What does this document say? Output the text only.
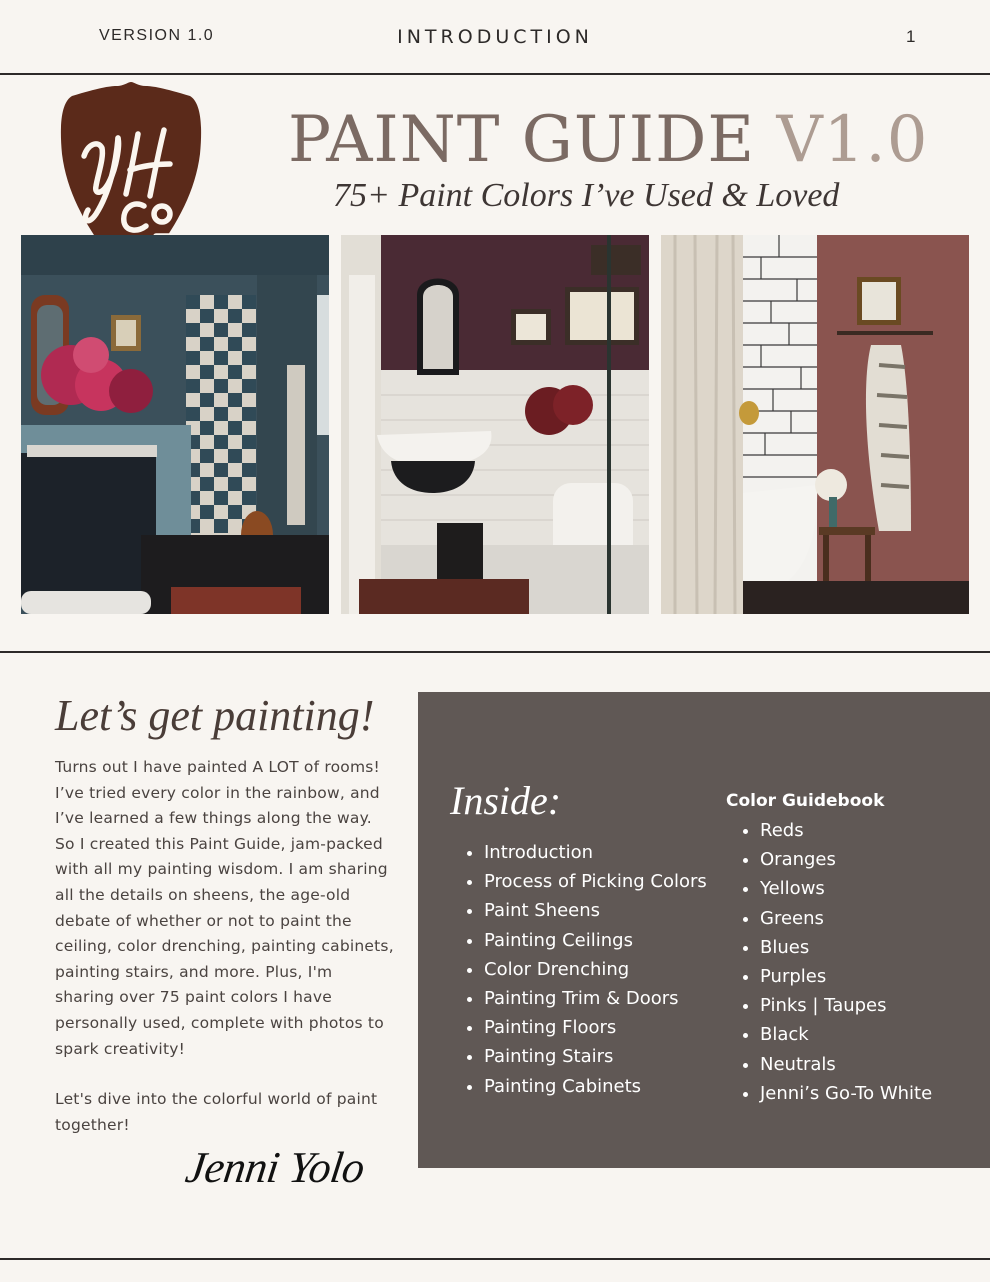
VERSION 1.0	INTRODUCTION	1
PAINT GUIDE V1.0
75+ Paint Colors I’ve Used & Loved
Let’s get painting!

Turns out I have painted A LOT of rooms! I’ve tried every color in the rainbow, and I’ve learned a few things along the way. So I created this Paint Guide, jam-packed with all my painting wisdom. I am sharing all the details on sheens, the age-old debate of whether or not to paint the ceiling, color drenching, painting cabinets, painting stairs, and more. Plus, I'm sharing over 75 paint colors I have personally used, complete with photos to spark creativity!

Let's dive into the colorful world of paint together!

Jenni Yolo
Inside:
• Introduction
• Process of Picking Colors
• Paint Sheens
• Painting Ceilings
• Color Drenching
• Painting Trim & Doors
• Painting Floors
• Painting Stairs
• Painting Cabinets
Color Guidebook
• Reds
• Oranges
• Yellows
• Greens
• Blues
• Purples
• Pinks | Taupes
• Black
• Neutrals
• Jenni’s Go-To White
